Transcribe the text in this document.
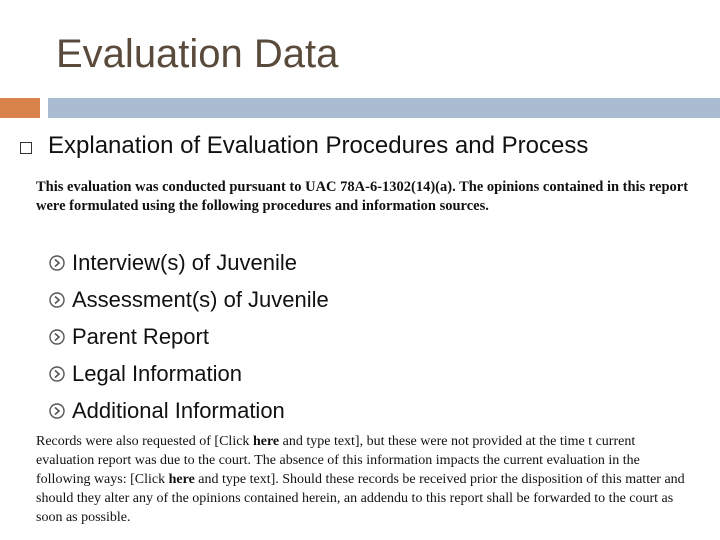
Evaluation Data
Explanation of Evaluation Procedures and Process
This evaluation was conducted pursuant to UAC 78A-6-1302(14)(a). The opinions contained in this report were formulated using the following procedures and information sources.
Interview(s) of Juvenile
Assessment(s) of Juvenile
Parent Report
Legal Information
Additional Information
Records were also requested of [Click here and type text], but these were not provided at the time t current evaluation report was due to the court. The absence of this information impacts the current evaluation in the following ways: [Click here and type text]. Should these records be received prior the disposition of this matter and should they alter any of the opinions contained herein, an addendu to this report shall be forwarded to the court as soon as possible.
